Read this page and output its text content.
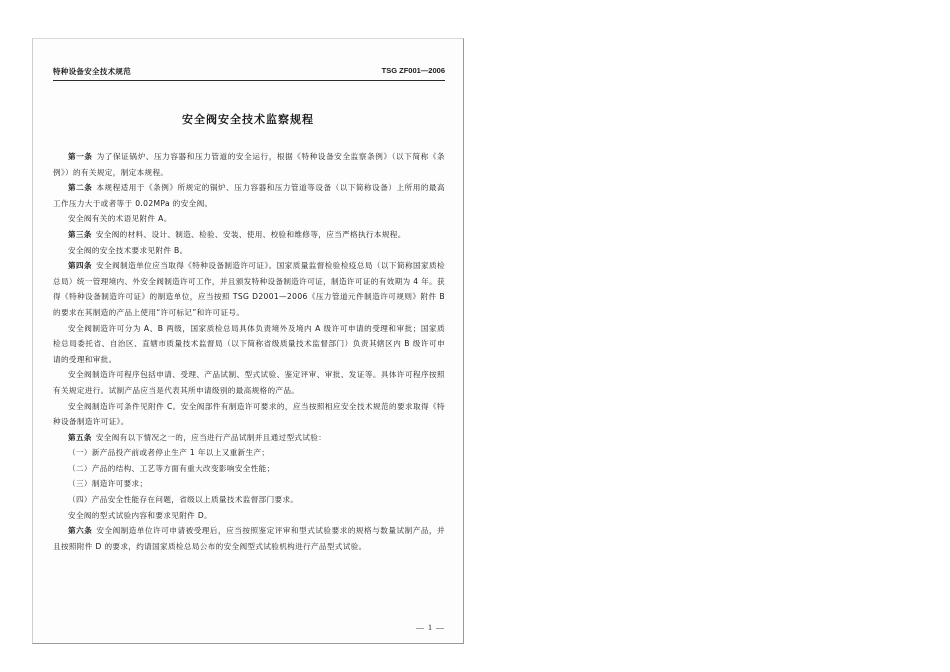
特种设备安全技术规范	TSG ZF001—2006
安全阀安全技术监察规程

第一条 为了保证锅炉、压力容器和压力管道的安全运行，根据《特种设备安全监察条例》（以下简称《条例》）的有关规定，制定本规程。

第二条 本规程适用于《条例》所规定的锅炉、压力容器和压力管道等设备（以下简称设备）上所用的最高工作压力大于或者等于 0.02MPa 的安全阀。

安全阀有关的术语见附件 A。

第三条 安全阀的材料、设计、制造、检验、安装、使用、校验和维修等，应当严格执行本规程。

安全阀的安全技术要求见附件 B。

第四条 安全阀制造单位应当取得《特种设备制造许可证》。国家质量监督检验检疫总局（以下简称国家质检总局）统一管理境内、外安全阀制造许可工作，并且颁发特种设备制造许可证，制造许可证的有效期为 4 年。获得《特种设备制造许可证》的制造单位，应当按照 TSG D2001—2006《压力管道元件制造许可规则》附件 B 的要求在其制造的产品上使用“许可标记”和许可证号。

安全阀制造许可分为 A、B 两级，国家质检总局具体负责境外及境内 A 级许可申请的受理和审批；国家质检总局委托省、自治区、直辖市质量技术监督局（以下简称省级质量技术监督部门）负责其辖区内 B 级许可申请的受理和审批。

安全阀制造许可程序包括申请、受理、产品试制、型式试验、鉴定评审、审批、发证等。具体许可程序按照有关规定进行。试制产品应当是代表其所申请级别的最高规格的产品。

安全阀制造许可条件见附件 C。安全阀部件有制造许可要求的，应当按照相应安全技术规范的要求取得《特种设备制造许可证》。

第五条 安全阀有以下情况之一的，应当进行产品试制并且通过型式试验：

（一）新产品投产前或者停止生产 1 年以上又重新生产；

（二）产品的结构、工艺等方面有重大改变影响安全性能；

（三）制造许可要求；

（四）产品安全性能存在问题，省级以上质量技术监督部门要求。

安全阀的型式试验内容和要求见附件 D。

第六条 安全阀制造单位许可申请被受理后，应当按照鉴定评审和型式试验要求的规格与数量试制产品，并且按照附件 D 的要求，约请国家质检总局公布的安全阀型式试验机构进行产品型式试验。

— 1 —
